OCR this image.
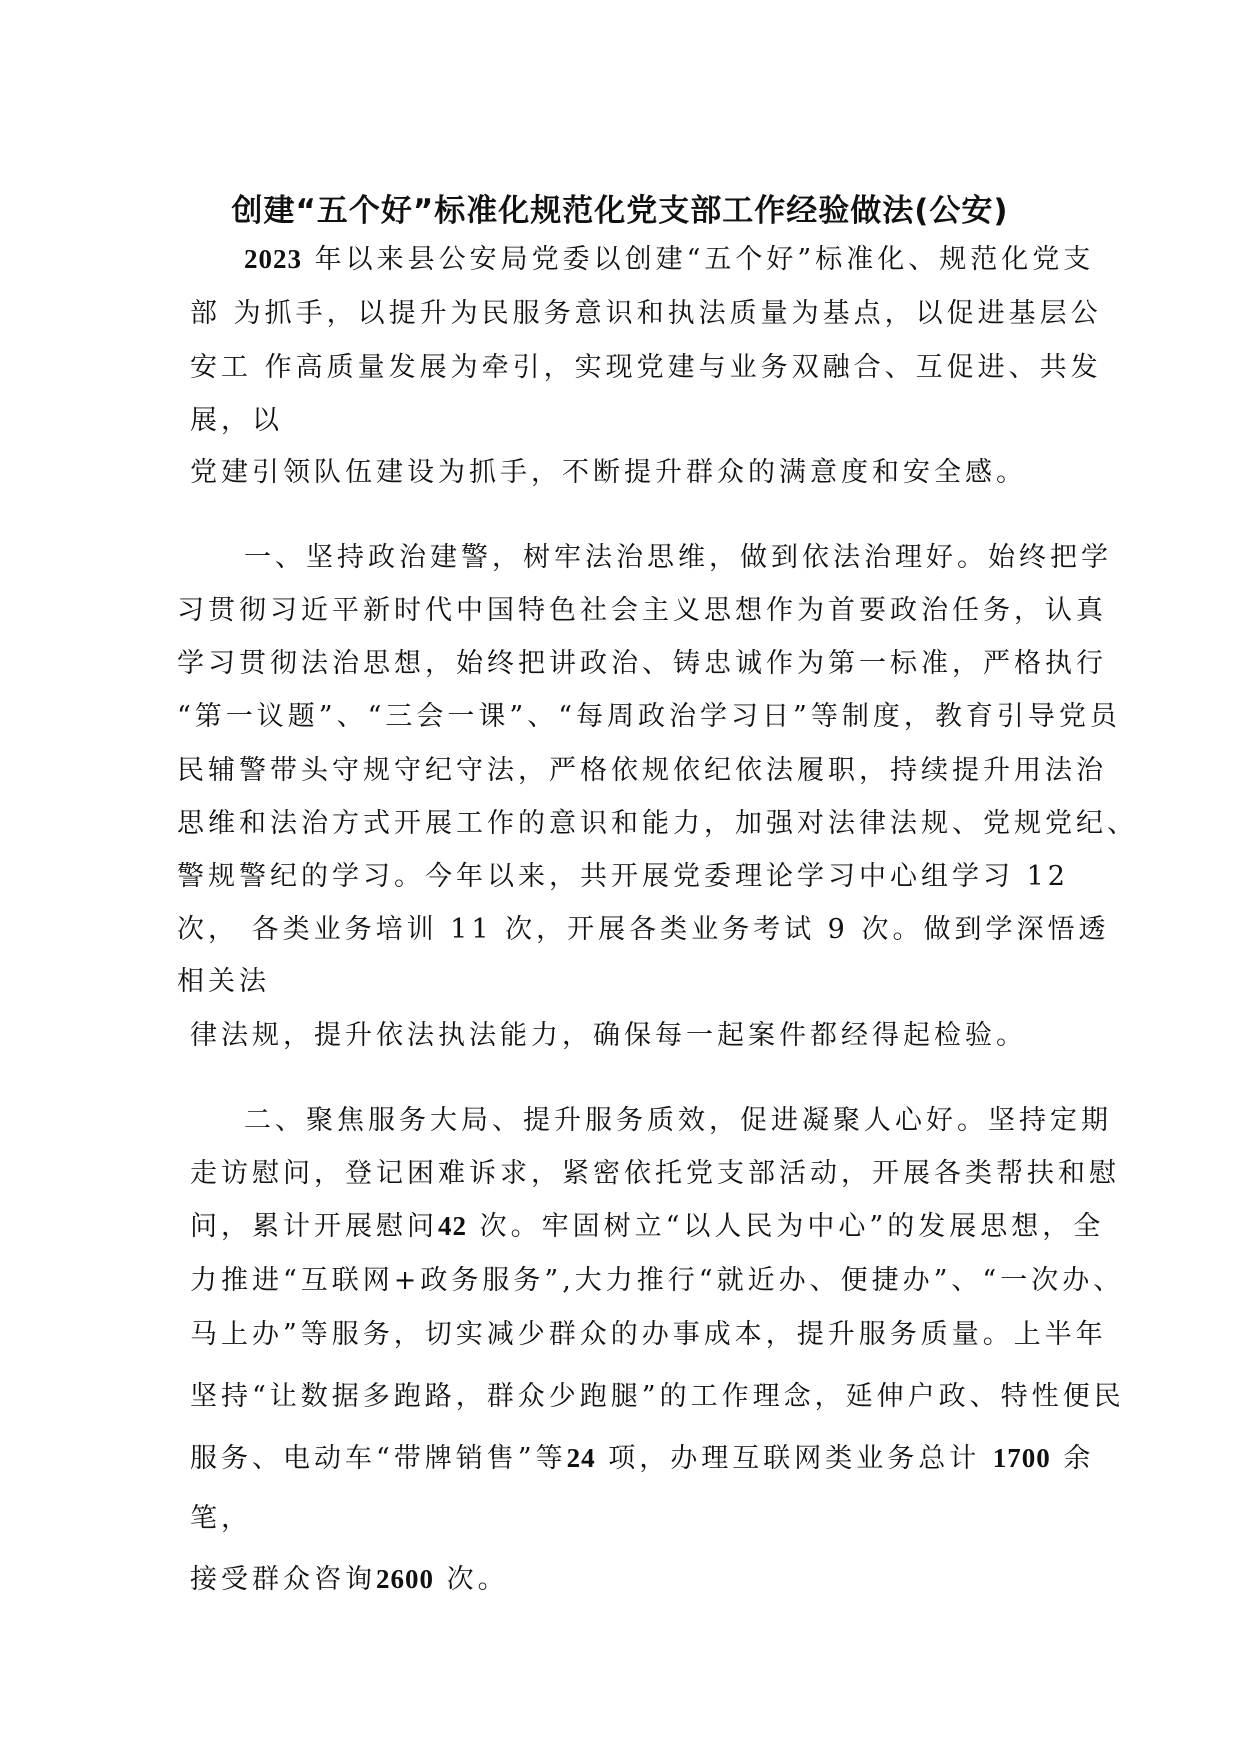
创建“五个好”标准化规范化党支部工作经验做法(公安)
2023 年以来县公安局党委以创建“五个好”标准化、规范化党支
部 为抓手，以提升为民服务意识和执法质量为基点，以促进基层公
安工 作高质量发展为牵引，实现党建与业务双融合、互促进、共发
展，以
党建引领队伍建设为抓手，不断提升群众的满意度和安全感。
一、坚持政治建警，树牢法治思维，做到依法治理好。始终把学
习贯彻习近平新时代中国特色社会主义思想作为首要政治任务，认真
学习贯彻法治思想，始终把讲政治、铸忠诚作为第一标准，严格执行
“第一议题”、“三会一课”、“每周政治学习日”等制度，教育引导党员
民辅警带头守规守纪守法，严格依规依纪依法履职，持续提升用法治
思维和法治方式开展工作的意识和能力，加强对法律法规、党规党纪、
警规警纪的学习。今年以来，共开展党委理论学习中心组学习 12
次， 各类业务培训 11 次，开展各类业务考试 9 次。做到学深悟透
相关法
律法规，提升依法执法能力，确保每一起案件都经得起检验。
二、聚焦服务大局、提升服务质效，促进凝聚人心好。坚持定期
走访慰问，登记困难诉求，紧密依托党支部活动，开展各类帮扶和慰
问，累计开展慰问42 次。牢固树立“以人民为中心”的发展思想，全
力推进“互联网+政务服务”,大力推行“就近办、便捷办”、“一次办、
马上办”等服务，切实减少群众的办事成本，提升服务质量。上半年
坚持“让数据多跑路，群众少跑腿”的工作理念，延伸户政、特性便民
服务、电动车“带牌销售”等24 项，办理互联网类业务总计 1700 余
笔，
接受群众咨询2600 次。
